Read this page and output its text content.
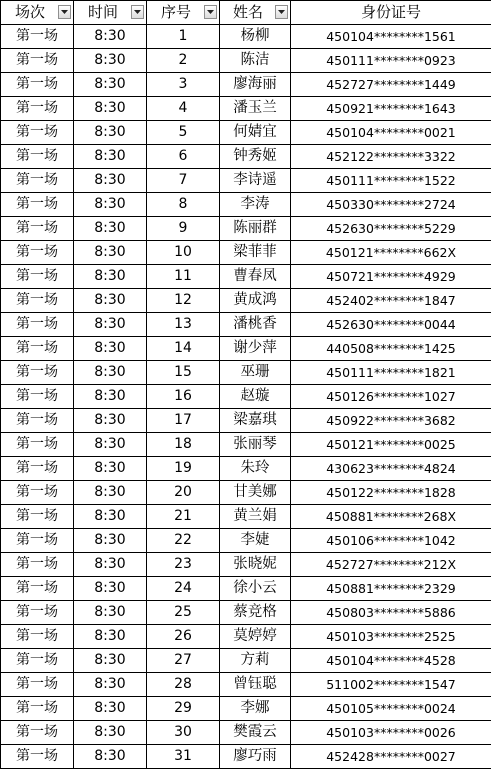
场次	时间	序号	姓名	身份证号
第一场	8:30	1	杨柳	450104********1561
第一场	8:30	2	陈洁	450111********0923
第一场	8:30	3	廖海丽	452727********1449
第一场	8:30	4	潘玉兰	450921********1643
第一场	8:30	5	何婧宜	450104********0021
第一场	8:30	6	钟秀姬	452122********3322
第一场	8:30	7	李诗遥	450111********1522
第一场	8:30	8	李涛	450330********2724
第一场	8:30	9	陈丽群	452630********5229
第一场	8:30	10	梁菲菲	450121********662X
第一场	8:30	11	曹春凤	450721********4929
第一场	8:30	12	黄成鸿	452402********1847
第一场	8:30	13	潘桃香	452630********0044
第一场	8:30	14	谢少萍	440508********1425
第一场	8:30	15	巫珊	450111********1821
第一场	8:30	16	赵璇	450126********1027
第一场	8:30	17	梁嘉琪	450922********3682
第一场	8:30	18	张丽琴	450121********0025
第一场	8:30	19	朱玲	430623********4824
第一场	8:30	20	甘美娜	450122********1828
第一场	8:30	21	黄兰娟	450881********268X
第一场	8:30	22	李婕	450106********1042
第一场	8:30	23	张晓妮	452727********212X
第一场	8:30	24	徐小云	450881********2329
第一场	8:30	25	蔡竞格	450803********5886
第一场	8:30	26	莫婷婷	450103********2525
第一场	8:30	27	方莉	450104********4528
第一场	8:30	28	曾钰聪	511002********1547
第一场	8:30	29	李娜	450105********0024
第一场	8:30	30	樊霞云	450103********0026
第一场	8:30	31	廖巧雨	452428********0027
